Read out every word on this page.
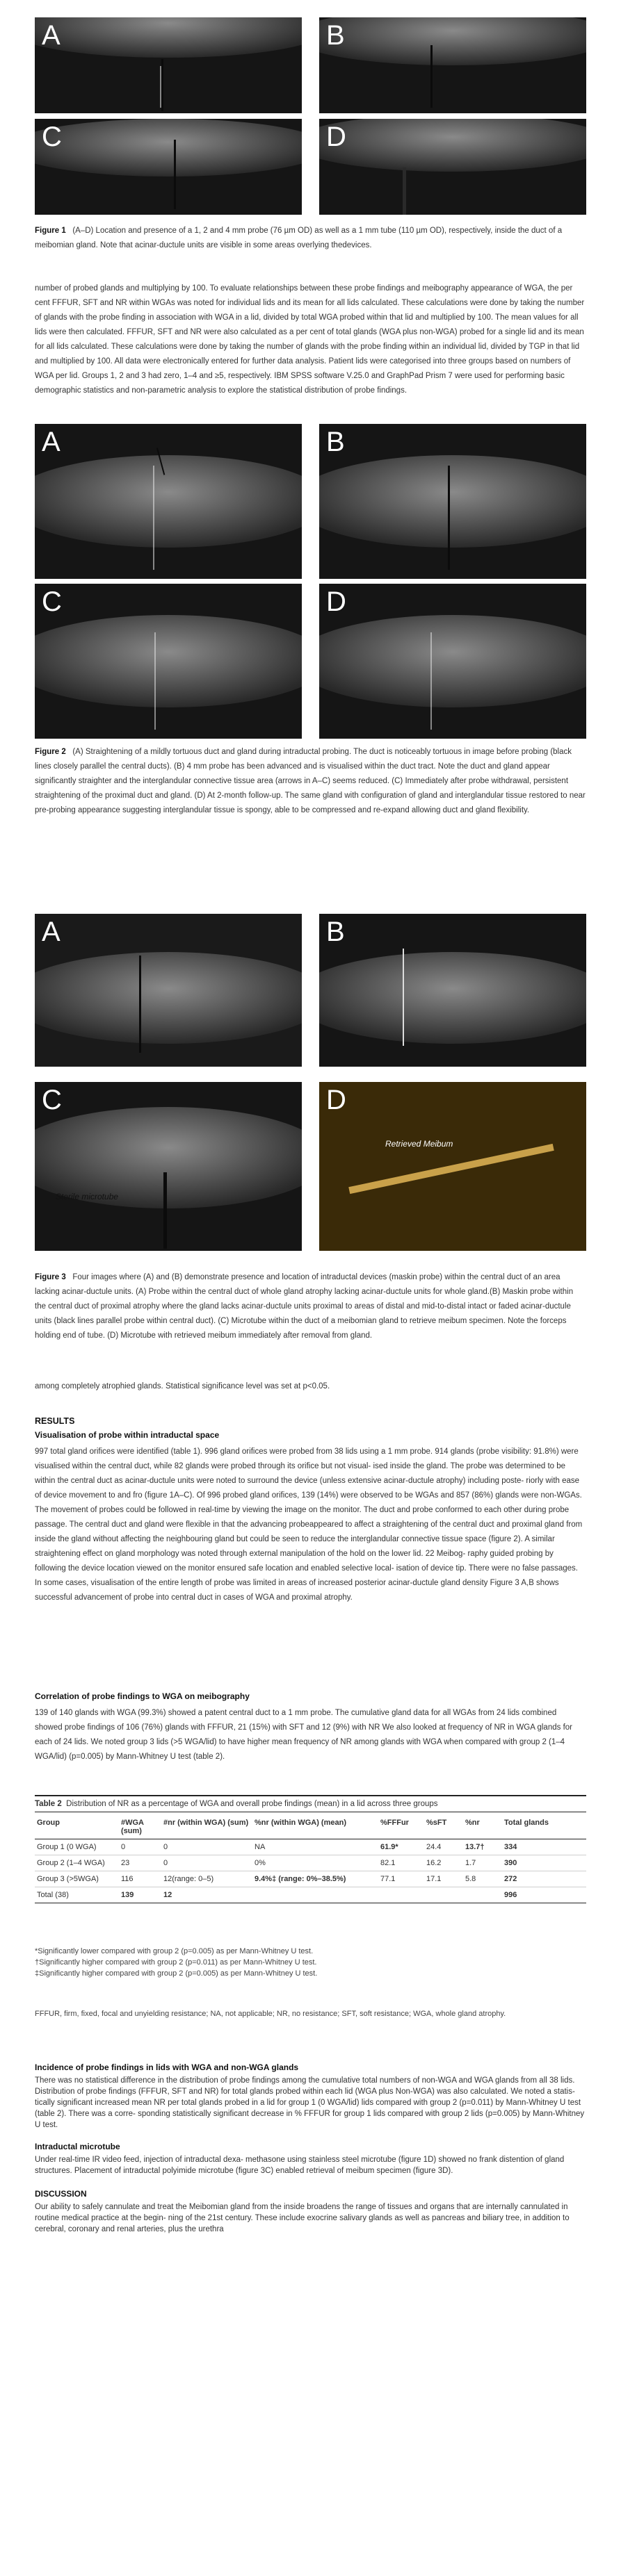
A	B
C	D
Figure 1 (A–D) Location and presence of a 1, 2 and 4 mm probe (76 µm OD) as well as a 1 mm tube (110 µm OD), respectively, inside the duct of a meibomian gland. Note that acinar-ductule units are visible in some areas overlying thedevices.
number of probed glands and multiplying by 100. To evaluate relationships between these probe findings and meibography appearance of WGA, the per cent FFFUR, SFT and NR within WGAs was noted for individual lids and its mean for all lids calculated. These calculations were done by taking the number of glands with the probe finding in association with WGA in a lid, divided by total WGA probed within that lid and multiplied by 100. The mean values for all lids were then calculated. FFFUR, SFT and NR were also calculated as a per cent of total glands (WGA plus non-WGA) probed for a single lid and its mean for all lids calculated. These calculations were done by taking the number of glands with the probe finding within an individual lid, divided by TGP in that lid and multiplied by 100. All data were electronically entered for further data analysis. Patient lids were categorised into three groups based on numbers of WGA per lid. Groups 1, 2 and 3 had zero, 1–4 and ≥5, respectively. IBM SPSS software V.25.0 and GraphPad Prism 7 were used for performing basic demographic statistics and non-parametric analysis to explore the statistical distribution of probe findings.
A	B
C	D
Figure 2 (A) Straightening of a mildly tortuous duct and gland during intraductal probing. The duct is noticeably tortuous in image before probing (black lines closely parallel the central ducts). (B) 4 mm probe has been advanced and is visualised within the duct tract. Note the duct and gland appear significantly straighter and the interglandular connective tissue area (arrows in A–C) seems reduced. (C) Immediately after probe withdrawal, persistent straightening of the proximal duct and gland. (D) At 2-month follow-up. The same gland with configuration of gland and interglandular tissue restored to near pre-probing appearance suggesting interglandular tissue is spongy, able to be compressed and re-expand allowing duct and gland flexibility.
A	B
C
Sterile microtube
D
Retrieved Meibum
Figure 3 Four images where (A) and (B) demonstrate presence and location of intraductal devices (maskin probe) within the central duct of an area lacking acinar-ductule units. (A) Probe within the central duct of whole gland atrophy lacking acinar-ductule units for whole gland.(B) Maskin probe within the central duct of proximal atrophy where the gland lacks acinar-ductule units proximal to areas of distal and mid-to-distal intact or faded acinar-ductule units (black lines parallel probe within central duct). (C) Microtube within the duct of a meibomian gland to retrieve meibum specimen. Note the forceps holding end of tube. (D) Microtube with retrieved meibum immediately after removal from gland.
among completely atrophied glands. Statistical significance level was set at p<0.05.
RESULTS
Visualisation of probe within intraductal space
997 total gland orifices were identified (table 1). 996 gland orifices were probed from 38 lids using a 1 mm probe. 914 glands (probe visibility: 91.8%) were visualised within the central duct, while 82 glands were probed through its orifice but not visual- ised inside the gland. The probe was determined to be within the central duct as acinar-ductule units were noted to surround the device (unless extensive acinar-ductule atrophy) including poste- riorly with ease of device movement to and fro (figure 1A–C). Of 996 probed gland orifices, 139 (14%) were observed to be WGAs and 857 (86%) glands were non-WGAs. The movement of probes could be followed in real-time by viewing the image on the monitor. The duct and probe conformed to each other during probe passage. The central duct and gland were flexible in that the advancing probeappeared to affect a straightening of the central duct and proximal gland from inside the gland without affecting the neighbouring gland but could be seen to reduce the interglandular connective tissue space (figure 2). A similar straightening effect on gland morphology was noted through external manipulation of the hold on the lower lid. 22 Meibog- raphy guided probing by following the device location viewed on the monitor ensured safe location and enabled selective local- isation of device tip. There were no false passages. In some cases, visualisation of the entire length of probe was limited in areas of increased posterior acinar-ductule gland density Figure 3 A,B shows successful advancement of probe into central duct in cases of WGA and proximal atrophy.
Correlation of probe findings to WGA on meibography
139 of 140 glands with WGA (99.3%) showed a patent central duct to a 1 mm probe. The cumulative gland data for all WGAs from 24 lids combined showed probe findings of 106 (76%) glands with FFFUR, 21 (15%) with SFT and 12 (9%) with NR We also looked at frequency of NR in WGA glands for each of 24 lids. We noted group 3 lids (>5 WGA/lid) to have higher mean frequency of NR among glands with WGA when compared with group 2 (1–4 WGA/lid) (p=0.005) by Mann-Whitney U test (table 2).
Table 2 Distribution of NR as a percentage of WGA and overall probe findings (mean) in a lid across three groups
Group	#WGA (sum)	#nr (within WGA) (sum)	%nr (within WGA) (mean)	%FFFur	%sFT	%nr	Total glands
Group 1 (0 WGA)	0	0	NA	61.9*	24.4	13.7†	334
Group 2 (1–4 WGA)	23	0	0%	82.1	16.2	1.7	390
Group 3 (>5WGA)	116	12(range: 0–5)	9.4%‡ (range: 0%–38.5%)	77.1	17.1	5.8	272
Total (38)	139	12					996
*Significantly lower compared with group 2 (p=0.005) as per Mann-Whitney U test.
†Significantly higher compared with group 2 (p=0.011) as per Mann-Whitney U test.
‡Significantly higher compared with group 2 (p=0.005) as per Mann-Whitney U test.
FFFUR, firm, fixed, focal and unyielding resistance; NA, not applicable; NR, no resistance; SFT, soft resistance; WGA, whole gland atrophy.
Incidence of probe findings in lids with WGA and non-WGA glands
There was no statistical difference in the distribution of probe findings among the cumulative total numbers of non-WGA and WGA glands from all 38 lids. Distribution of probe findings (FFFUR, SFT and NR) for total glands probed within each lid (WGA plus Non-WGA) was also calculated. We noted a statis- tically significant increased mean NR per total glands probed in a lid for group 1 (0 WGA/lid) lids compared with group 2 (p=0.011) by Mann-Whitney U test (table 2). There was a corre- sponding statistically significant decrease in % FFFUR for group 1 lids compared with group 2 lids (p=0.005) by Mann-Whitney U test.
Intraductal microtube
Under real-time IR video feed, injection of intraductal dexa- methasone using stainless steel microtube (figure 1D) showed no frank distention of gland structures. Placement of intraductal polyimide microtube (figure 3C) enabled retrieval of meibum specimen (figure 3D).
DISCUSSION
Our ability to safely cannulate and treat the Meibomian gland from the inside broadens the range of tissues and organs that are internally cannulated in routine medical practice at the begin- ning of the 21st century. These include exocrine salivary glands as well as pancreas and biliary tree, in addition to cerebral, coronary and renal arteries, plus the urethra
